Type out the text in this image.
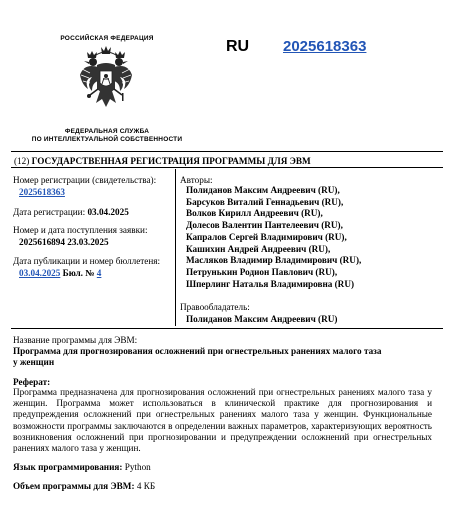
РОССИЙСКАЯ ФЕДЕРАЦИЯ
ФЕДЕРАЛЬНАЯ СЛУЖБА
ПО ИНТЕЛЛЕКТУАЛЬНОЙ СОБСТВЕННОСТИ
RU 2025618363
(12) ГОСУДАРСТВЕННАЯ РЕГИСТРАЦИЯ ПРОГРАММЫ ДЛЯ ЭВМ
Номер регистрации (свидетельства):
2025618363
Дата регистрации: 03.04.2025
Номер и дата поступления заявки:
2025616894 23.03.2025
Дата публикации и номер бюллетеня:
03.04.2025 Бюл. № 4
Авторы:
Полиданов Максим Андреевич (RU),
Барсуков Виталий Геннадьевич (RU),
Волков Кирилл Андреевич (RU),
Долесов Валентин Пантелеевич (RU),
Капралов Сергей Владимирович (RU),
Кашихин Андрей Андреевич (RU),
Масляков Владимир Владимирович (RU),
Петрунькин Родион Павлович (RU),
Шперлинг Наталья Владимировна (RU)
Правообладатель:
Полиданов Максим Андреевич (RU)
Название программы для ЭВМ:
Программа для прогнозирования осложнений при огнестрельных ранениях малого таза
у женщин
Реферат:
Программа предназначена для прогнозирования осложнений при огнестрельных ранениях малого таза у женщин. Программа может использоваться в клинической практике для прогнозирования и предупреждения осложнений при огнестрельных ранениях малого таза у женщин. Функциональные возможности программы заключаются в определении важных параметров, характеризующих вероятность возникновения осложнений при прогнозировании и предупреждении осложнений при огнестрельных ранениях малого таза у женщин.
Язык программирования: Python
Объем программы для ЭВМ: 4 КБ
